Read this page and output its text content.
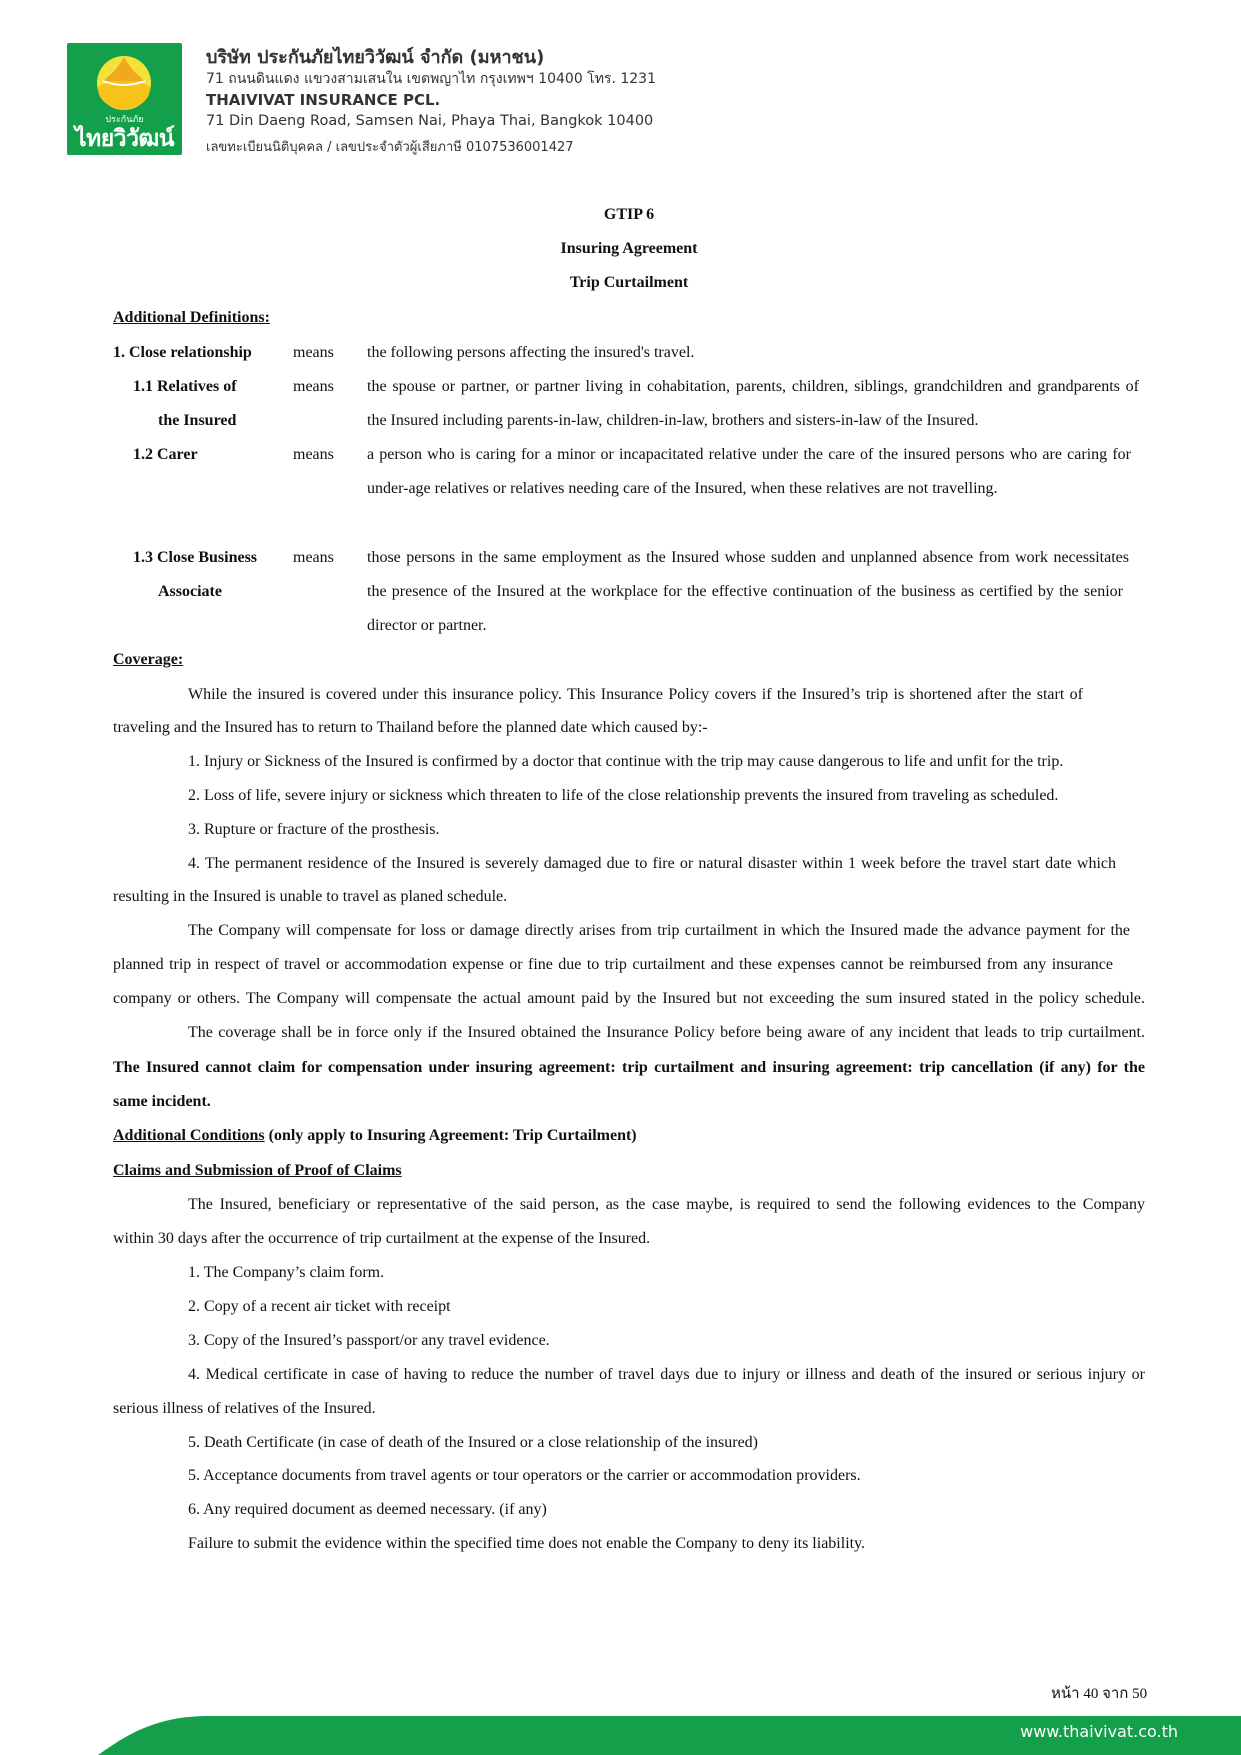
ประกันภัย
ไทยวิวัฒน์
บริษัท ประกันภัยไทยวิวัฒน์ จำกัด (มหาชน)
71 ถนนดินแดง แขวงสามเสนใน เขตพญาไท กรุงเทพฯ 10400 โทร. 1231
THAIVIVAT INSURANCE PCL.
71 Din Daeng Road, Samsen Nai, Phaya Thai, Bangkok 10400
เลขทะเบียนนิติบุคคล / เลขประจำตัวผู้เสียภาษี 0107536001427
GTIP 6
Insuring Agreement
Trip Curtailment
Additional Definitions:
1. Close relationship	means the following persons affecting the insured's travel.
1.1 Relatives of
the Insured
means the spouse or partner, or partner living in cohabitation, parents, children, siblings, grandchildren and grandparents of
the Insured including parents-in-law, children-in-law, brothers and sisters-in-law of the Insured.
1.2 Carer	means a person who is caring for a minor or incapacitated relative under the care of the insured persons who are caring for
under-age relatives or relatives needing care of the Insured, when these relatives are not travelling.
1.3 Close Business
Associate
means those persons in the same employment as the Insured whose sudden and unplanned absence from work necessitates
the presence of the Insured at the workplace for the effective continuation of the business as certified by the senior
director or partner.
Coverage:
While the insured is covered under this insurance policy. This Insurance Policy covers if the Insured’s trip is shortened after the start of
traveling and the Insured has to return to Thailand before the planned date which caused by:-
1. Injury or Sickness of the Insured is confirmed by a doctor that continue with the trip may cause dangerous to life and unfit for the trip.
2. Loss of life, severe injury or sickness which threaten to life of the close relationship prevents the insured from traveling as scheduled.
3. Rupture or fracture of the prosthesis.
4. The permanent residence of the Insured is severely damaged due to fire or natural disaster within 1 week before the travel start date which
resulting in the Insured is unable to travel as planed schedule.
The Company will compensate for loss or damage directly arises from trip curtailment in which the Insured made the advance payment for the
planned trip in respect of travel or accommodation expense or fine due to trip curtailment and these expenses cannot be reimbursed from any insurance
company or others. The Company will compensate the actual amount paid by the Insured but not exceeding the sum insured stated in the policy schedule.
The coverage shall be in force only if the Insured obtained the Insurance Policy before being aware of any incident that leads to trip curtailment.
The Insured cannot claim for compensation under insuring agreement: trip curtailment and insuring agreement: trip cancellation (if any) for the
same incident.
Additional Conditions (only apply to Insuring Agreement: Trip Curtailment)
Claims and Submission of Proof of Claims
The Insured, beneficiary or representative of the said person, as the case maybe, is required to send the following evidences to the Company
within 30 days after the occurrence of trip curtailment at the expense of the Insured.
1. The Company’s claim form.
2. Copy of a recent air ticket with receipt
3. Copy of the Insured’s passport/or any travel evidence.
4. Medical certificate in case of having to reduce the number of travel days due to injury or illness and death of the insured or serious injury or
serious illness of relatives of the Insured.
5. Death Certificate (in case of death of the Insured or a close relationship of the insured)
5. Acceptance documents from travel agents or tour operators or the carrier or accommodation providers.
6. Any required document as deemed necessary. (if any)
Failure to submit the evidence within the specified time does not enable the Company to deny its liability.
หน้า 40 จาก 50
www.thaivivat.co.th
